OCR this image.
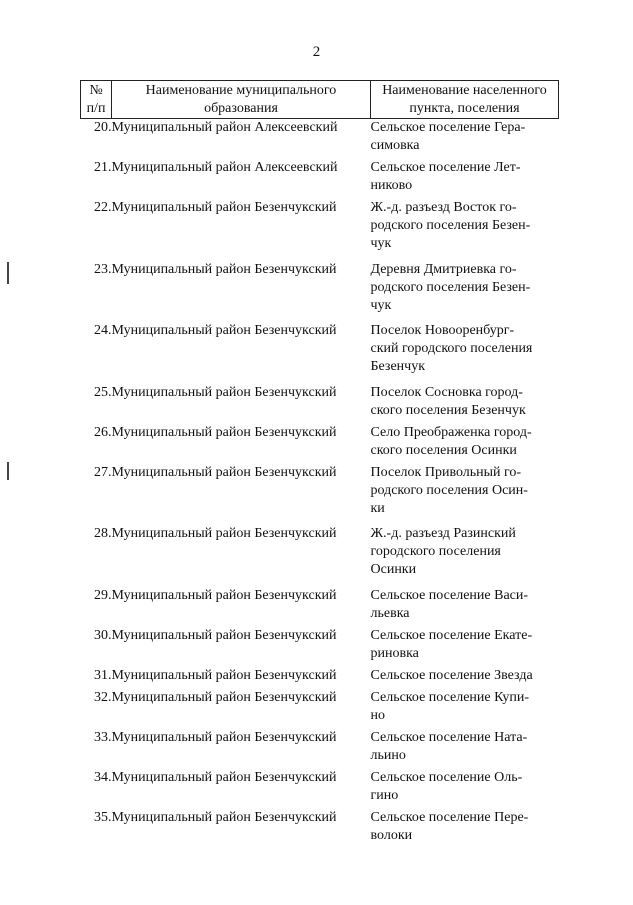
2
№
п/п	Наименование муниципального образования	Наименование населенного пункта, поселения
20.	Муниципальный район Алексеевский	Сельское поселение Гера-
симовка
21.	Муниципальный район Алексеевский	Сельское поселение Лет-
никово
22.	Муниципальный район Безенчукский	Ж.-д. разъезд Восток го-
родского поселения Безен-
чук
23.	Муниципальный район Безенчукский	Деревня Дмитриевка го-
родского поселения Безен-
чук
24.	Муниципальный район Безенчукский	Поселок Новооренбург-
ский городского поселения
Безенчук
25.	Муниципальный район Безенчукский	Поселок Сосновка город-
ского поселения Безенчук
26.	Муниципальный район Безенчукский	Село Преображенка город-
ского поселения Осинки
27.	Муниципальный район Безенчукский	Поселок Привольный го-
родского поселения Осин-
ки
28.	Муниципальный район Безенчукский	Ж.-д. разъезд Разинский
городского поселения
Осинки
29.	Муниципальный район Безенчукский	Сельское поселение Васи-
льевка
30.	Муниципальный район Безенчукский	Сельское поселение Екате-
риновка
31.	Муниципальный район Безенчукский	Сельское поселение Звезда
32.	Муниципальный район Безенчукский	Сельское поселение Купи-
но
33.	Муниципальный район Безенчукский	Сельское поселение Ната-
льино
34.	Муниципальный район Безенчукский	Сельское поселение Оль-
гино
35.	Муниципальный район Безенчукский	Сельское поселение Пере-
волоки
